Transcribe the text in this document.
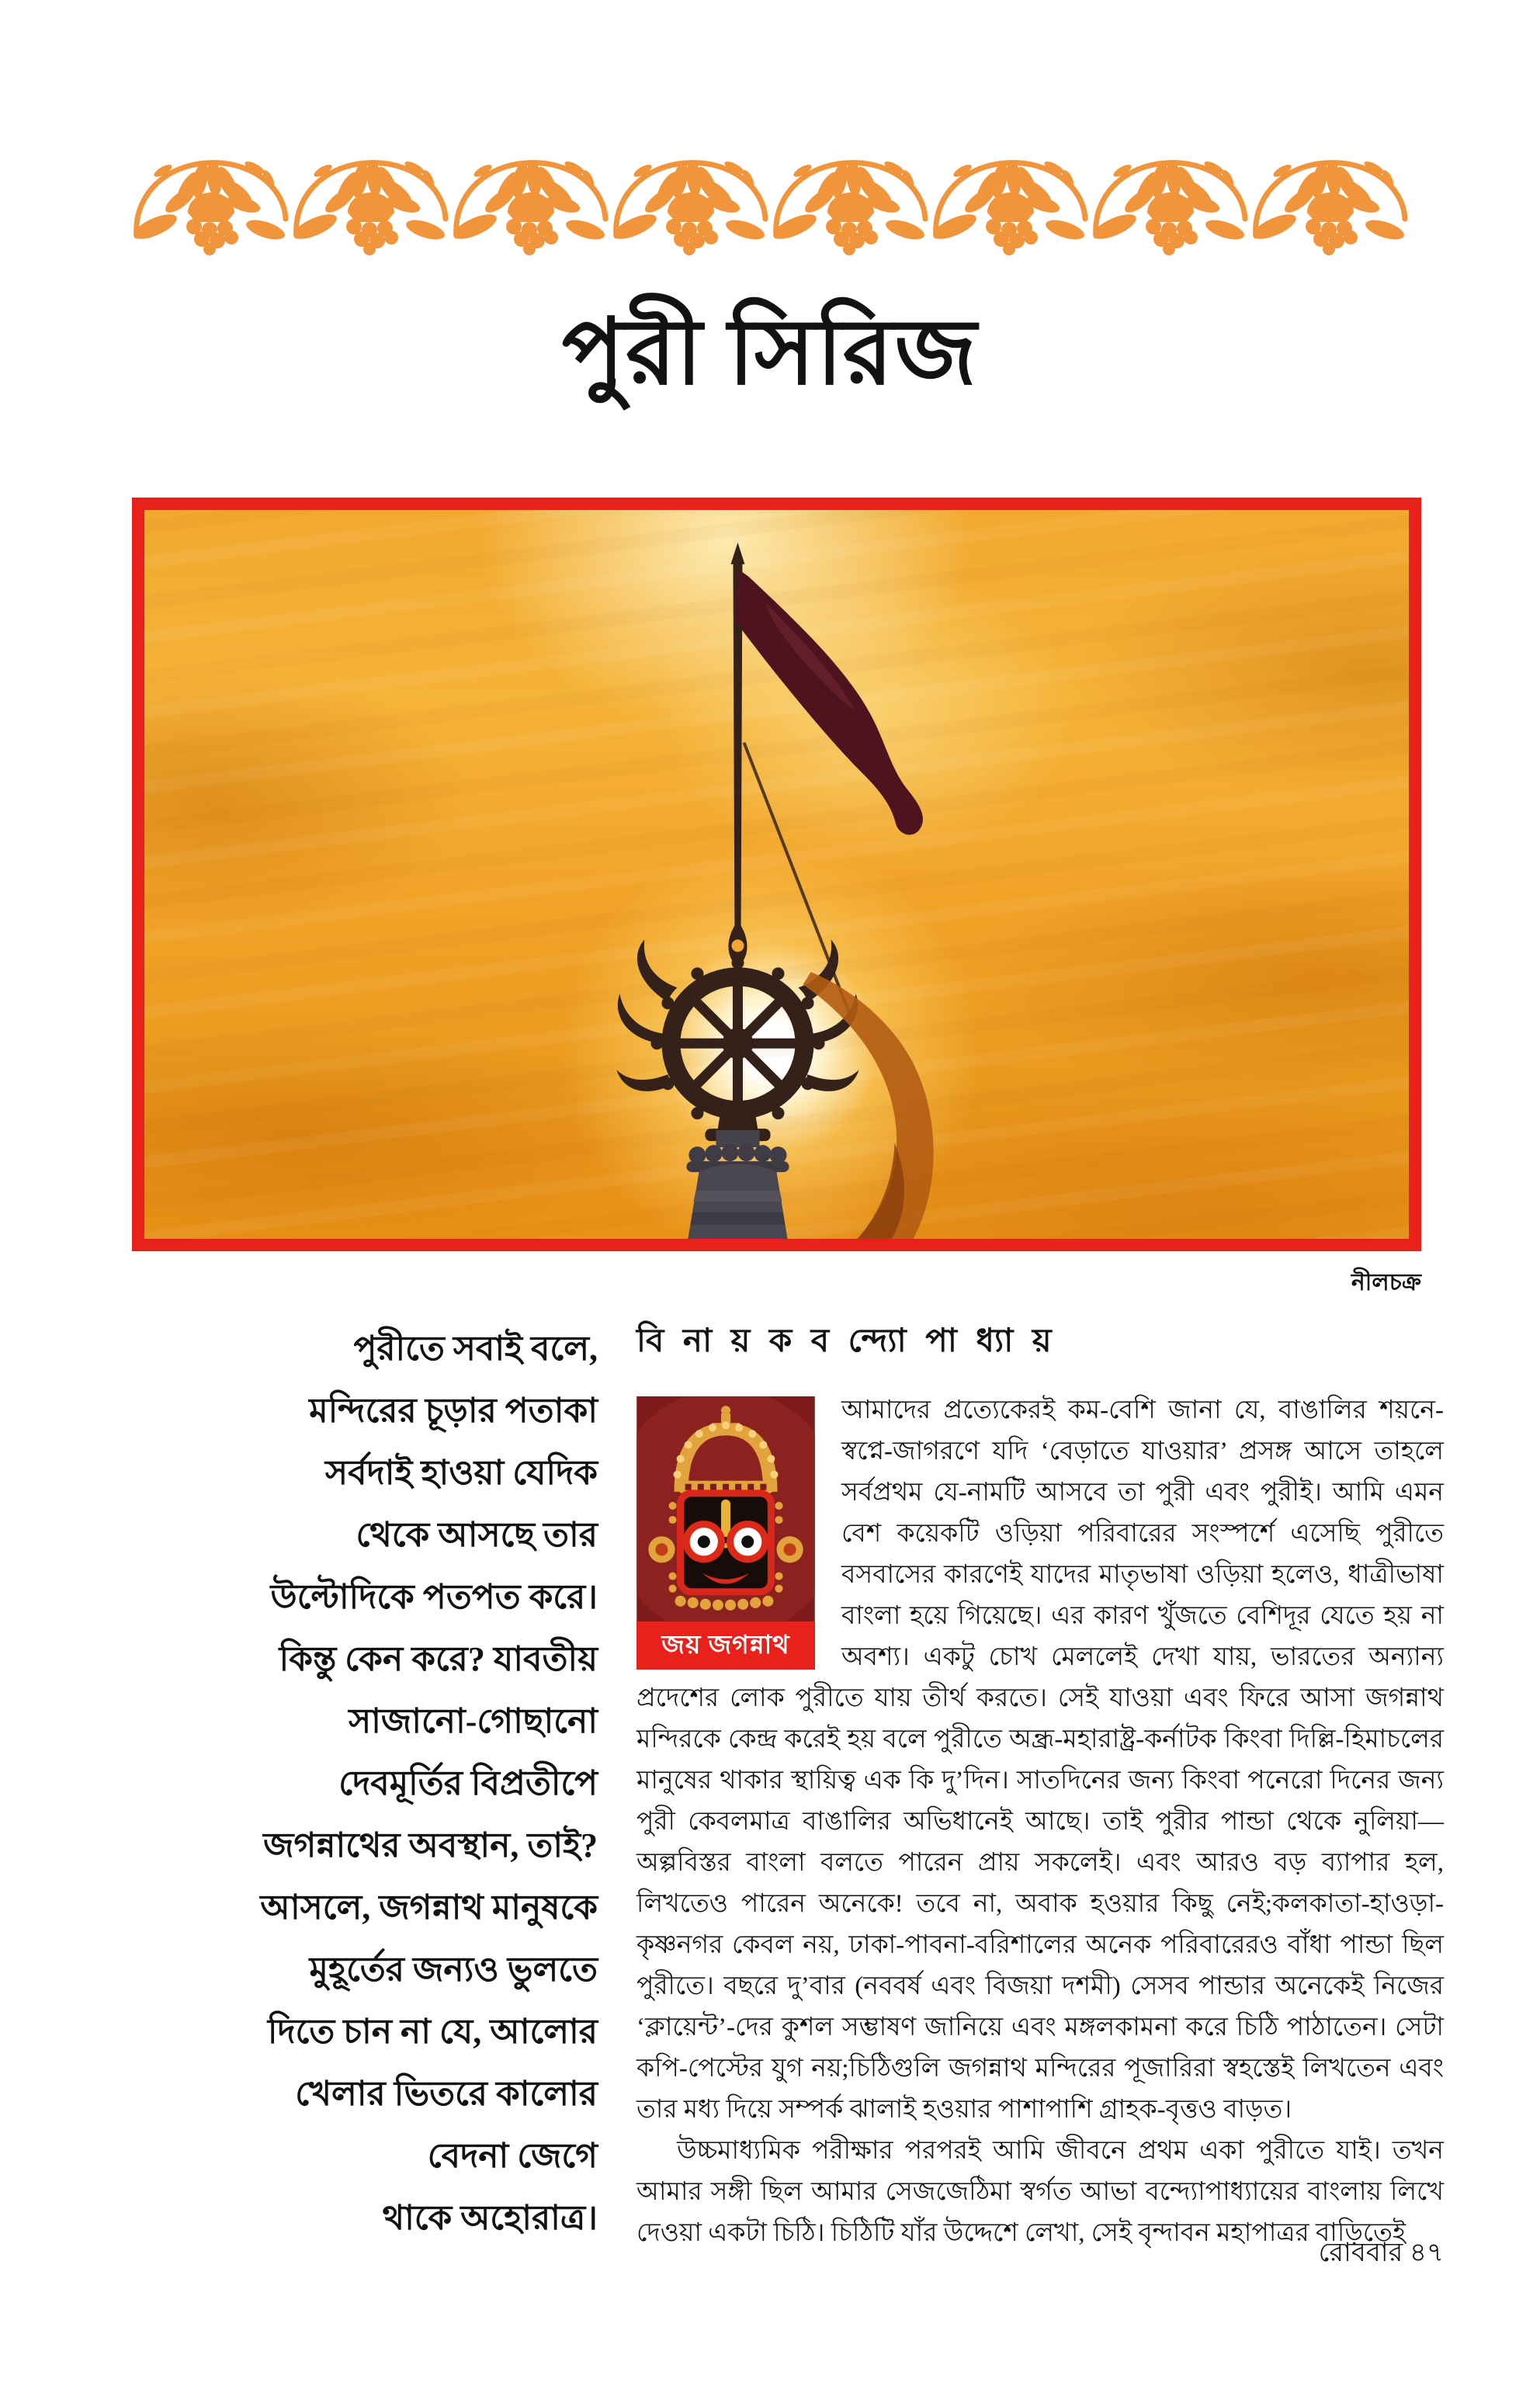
পুরী সিরিজ
নীলচক্র
পুরীতে সবাই বলে,
মন্দিরের চূড়ার পতাকা
সর্বদাই হাওয়া যেদিক
থেকে আসছে তার
উল্টোদিকে পতপত করে।
কিন্তু কেন করে? যাবতীয়
সাজানো-গোছানো
দেবমূর্তির বিপ্রতীপে
জগন্নাথের অবস্থান, তাই?
আসলে, জগন্নাথ মানুষকে
মুহূর্তের জন্যও ভুলতে
দিতে চান না যে, আলোর
খেলার ভিতরে কালোর
বেদনা জেগে
থাকে অহোরাত্র।
বি না য় ক ব ন্দ্যো পা ধ্যা য়
জয় জগন্নাথ

আমাদের প্রত্যেকেরই কম-বেশি জানা যে, বাঙালির শয়নে-স্বপ্নে-জাগরণে যদি ‘বেড়াতে যাওয়ার’ প্রসঙ্গ আসে তাহলে সর্বপ্রথম যে-নামটি আসবে তা পুরী এবং পুরীই। আমি এমন বেশ কয়েকটি ওড়িয়া পরিবারের সংস্পর্শে এসেছি পুরীতে বসবাসের কারণেই যাদের মাতৃভাষা ওড়িয়া হলেও, ধাত্রীভাষা বাংলা হয়ে গিয়েছে। এর কারণ খুঁজতে বেশিদূর যেতে হয় না অবশ্য। একটু চোখ মেললেই দেখা যায়, ভারতের অন্যান্য প্রদেশের লোক পুরীতে যায় তীর্থ করতে। সেই যাওয়া এবং ফিরে আসা জগন্নাথ মন্দিরকে কেন্দ্র করেই হয় বলে পুরীতে অন্ধ্র-মহারাষ্ট্র-কর্নাটক কিংবা দিল্লি-হিমাচলের মানুষের থাকার স্থায়িত্ব এক কি দু’দিন। সাতদিনের জন্য কিংবা পনেরো দিনের জন্য পুরী কেবলমাত্র বাঙালির অভিধানেই আছে। তাই পুরীর পান্ডা থেকে নুলিয়া— অল্পবিস্তর বাংলা বলতে পারেন প্রায় সকলেই। এবং আরও বড় ব্যাপার হল, লিখতেও পারেন অনেকে! তবে না, অবাক হওয়ার কিছু নেই;কলকাতা-হাওড়া-কৃষ্ণনগর কেবল নয়, ঢাকা-পাবনা-বরিশালের অনেক পরিবারেরও বাঁধা পান্ডা ছিল পুরীতে। বছরে দু’বার (নববর্ষ এবং বিজয়া দশমী) সেসব পান্ডার অনেকেই নিজের ‘ক্লায়েন্ট’-দের কুশল সম্ভাষণ জানিয়ে এবং মঙ্গলকামনা করে চিঠি পাঠাতেন। সেটা কপি-পেস্টের যুগ নয়;চিঠিগুলি জগন্নাথ মন্দিরের পূজারিরা স্বহস্তেই লিখতেন এবং তার মধ্য দিয়ে সম্পর্ক ঝালাই হওয়ার পাশাপাশি গ্রাহক-বৃত্তও বাড়ত।

উচ্চমাধ্যমিক পরীক্ষার পরপরই আমি জীবনে প্রথম একা পুরীতে যাই। তখন আমার সঙ্গী ছিল আমার সেজজেঠিমা স্বর্গত আভা বন্দ্যোপাধ্যায়ের বাংলায় লিখে দেওয়া একটা চিঠি। চিঠিটি যাঁর উদ্দেশে লেখা, সেই বৃন্দাবন মহাপাত্রর বাড়িতেই

রোববার ৪৭
